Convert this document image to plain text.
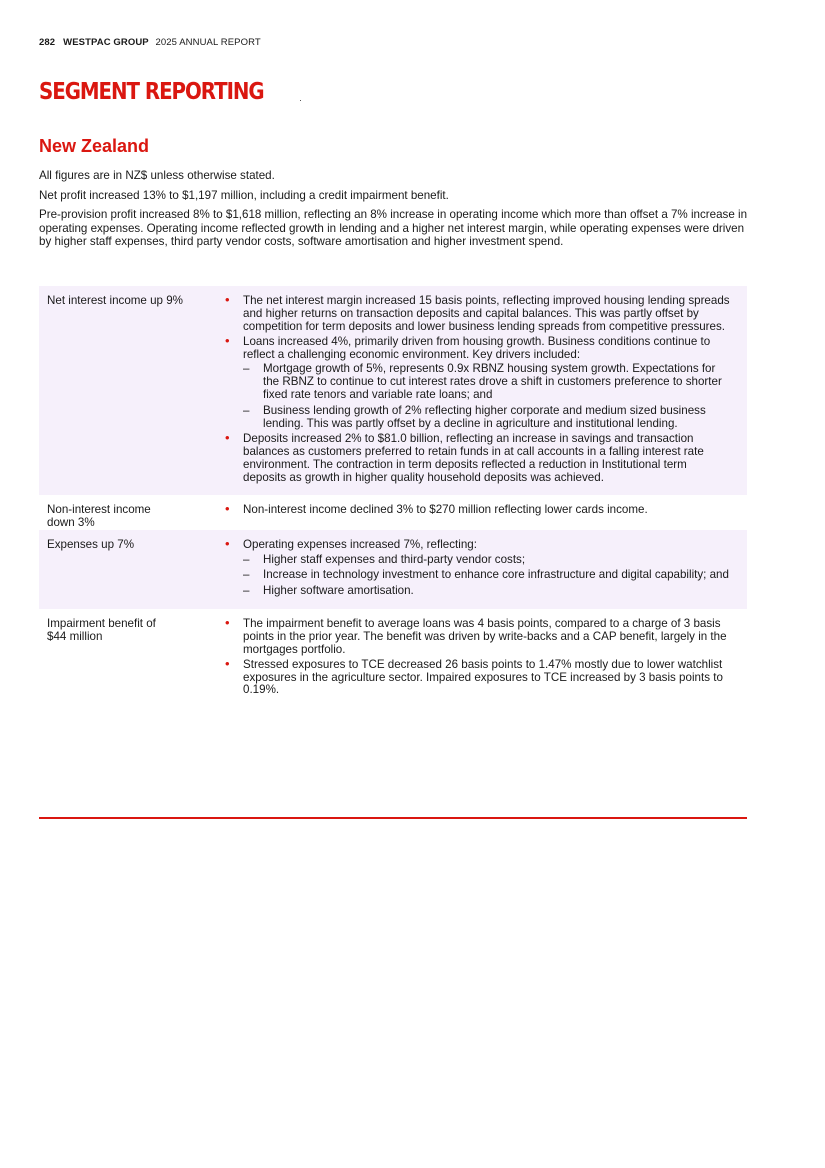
282 WESTPAC GROUP 2025 ANNUAL REPORT
SEGMENT REPORTING
New Zealand

All figures are in NZ$ unless otherwise stated.

Net profit increased 13% to $1,197 million, including a credit impairment benefit.

Pre-provision profit increased 8% to $1,618 million, reflecting an 8% increase in operating income which more than offset a 7% increase in operating expenses. Operating income reflected growth in lending and a higher net interest margin, while operating expenses were driven by higher staff expenses, third party vendor costs, software amortisation and higher investment spend.

Net interest income up 9%	• The net interest margin increased 15 basis points, reflecting improved housing lending spreads and higher returns on transaction deposits and capital balances. This was partly offset by competition for term deposits and lower business lending spreads from competitive pressures.
• Loans increased 4%, primarily driven from housing growth. Business conditions continue to reflect a challenging economic environment. Key drivers included:
– Mortgage growth of 5%, represents 0.9x RBNZ housing system growth. Expectations for the RBNZ to continue to cut interest rates drove a shift in customers preference to shorter fixed rate tenors and variable rate loans; and
– Business lending growth of 2% reflecting higher corporate and medium sized business lending. This was partly offset by a decline in agriculture and institutional lending.
• Deposits increased 2% to $81.0 billion, reflecting an increase in savings and transaction balances as customers preferred to retain funds in at call accounts in a falling interest rate environment. The contraction in term deposits reflected a reduction in Institutional term deposits as growth in higher quality household deposits was achieved.
Non-interest income down 3%
• Non-interest income declined 3% to $270 million reflecting lower cards income.
Expenses up 7%	• Operating expenses increased 7%, reflecting:
– Higher staff expenses and third-party vendor costs;
– Increase in technology investment to enhance core infrastructure and digital capability; and
– Higher software amortisation.
Impairment benefit of $44 million
• The impairment benefit to average loans was 4 basis points, compared to a charge of 3 basis points in the prior year. The benefit was driven by write-backs and a CAP benefit, largely in the mortgages portfolio.
• Stressed exposures to TCE decreased 26 basis points to 1.47% mostly due to lower watchlist exposures in the agriculture sector. Impaired exposures to TCE increased by 3 basis points to 0.19%.
